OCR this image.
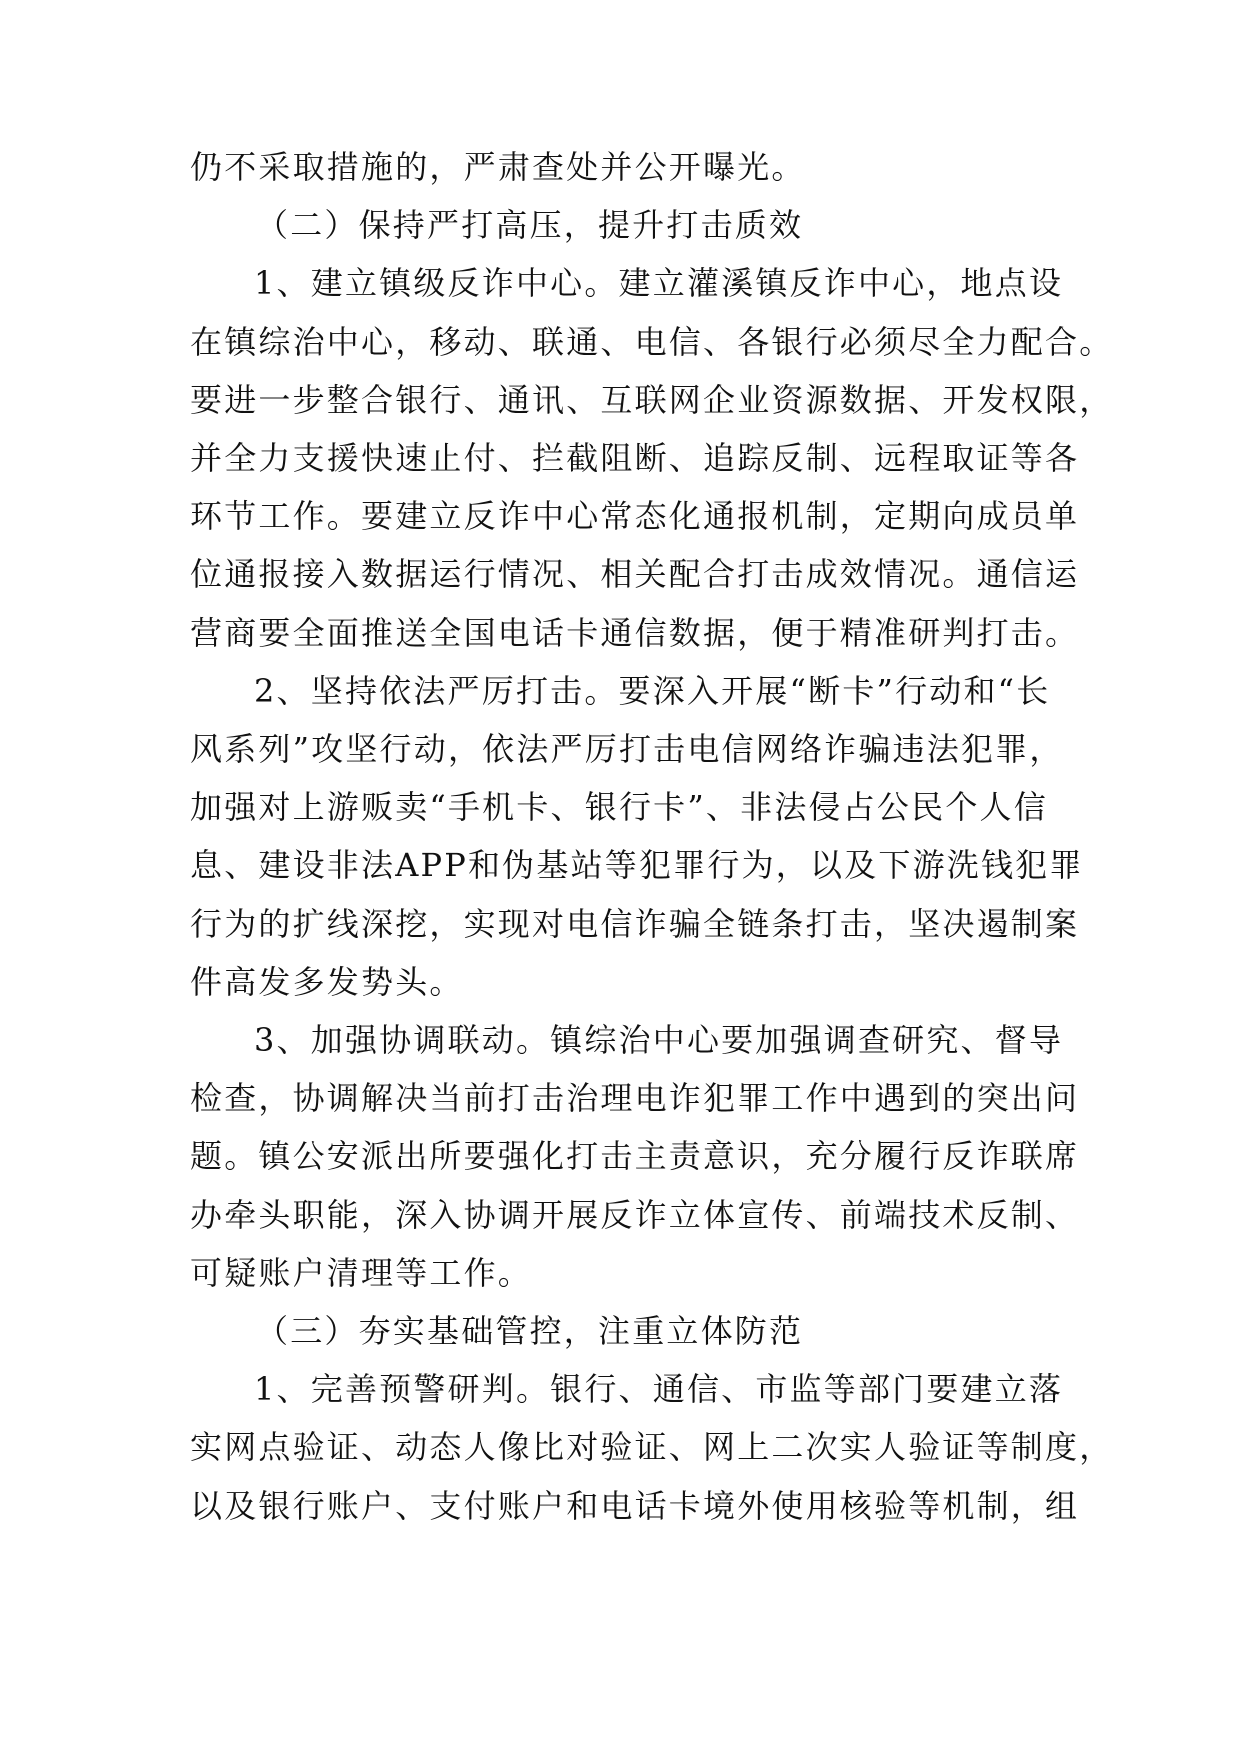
仍不采取措施的，严肃查处并公开曝光。

（二）保持严打高压，提升打击质效

1、建立镇级反诈中心。建立灌溪镇反诈中心，地点设

在镇综治中心，移动、联通、电信、各银行必须尽全力配合。

要进一步整合银行、通讯、互联网企业资源数据、开发权限，

并全力支援快速止付、拦截阻断、追踪反制、远程取证等各

环节工作。要建立反诈中心常态化通报机制，定期向成员单

位通报接入数据运行情况、相关配合打击成效情况。通信运

营商要全面推送全国电话卡通信数据，便于精准研判打击。

2、坚持依法严厉打击。要深入开展“断卡”行动和“长

风系列”攻坚行动，依法严厉打击电信网络诈骗违法犯罪，

加强对上游贩卖“手机卡、银行卡”、非法侵占公民个人信

息、建设非法APP和伪基站等犯罪行为，以及下游洗钱犯罪

行为的扩线深挖，实现对电信诈骗全链条打击，坚决遏制案

件高发多发势头。

3、加强协调联动。镇综治中心要加强调查研究、督导

检查，协调解决当前打击治理电诈犯罪工作中遇到的突出问

题。镇公安派出所要强化打击主责意识，充分履行反诈联席

办牵头职能，深入协调开展反诈立体宣传、前端技术反制、

可疑账户清理等工作。

（三）夯实基础管控，注重立体防范

1、完善预警研判。银行、通信、市监等部门要建立落

实网点验证、动态人像比对验证、网上二次实人验证等制度，

以及银行账户、支付账户和电话卡境外使用核验等机制，组
